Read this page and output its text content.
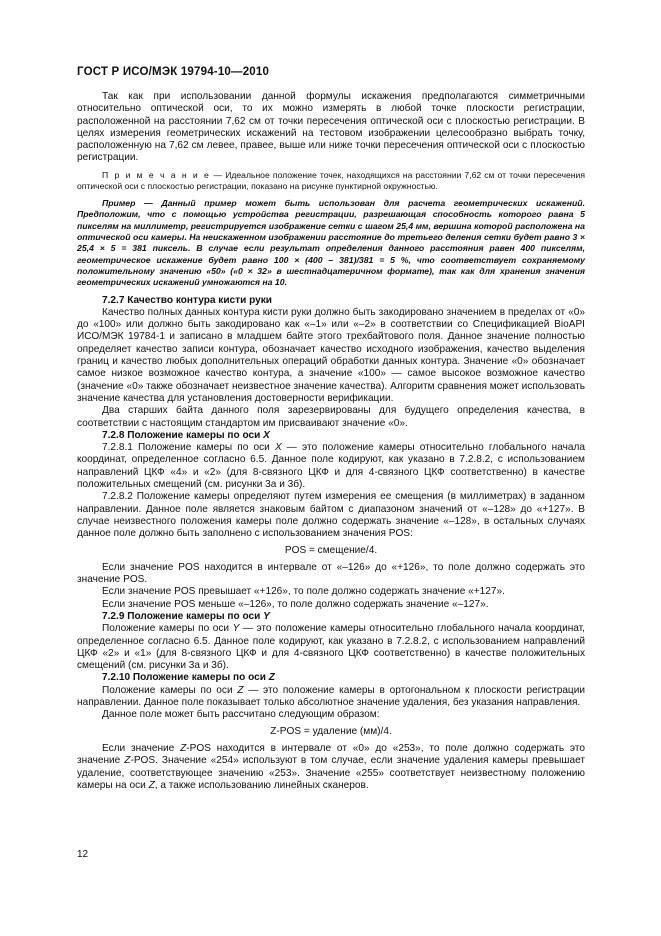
ГОСТ Р ИСО/МЭК 19794-10—2010

Так как при использовании данной формулы искажения предполагаются симметричными относительно оптической оси, то их можно измерять в любой точке плоскости регистрации, расположенной на расстоянии 7,62 см от точки пересечения оптической оси с плоскостью регистрации. В целях измерения геометрических искажений на тестовом изображении целесообразно выбрать точку, расположенную на 7,62 см левее, правее, выше или ниже точки пересечения оптической оси с плоскостью регистрации.

П р и м е ч а н и е — Идеальное положение точек, находящихся на расстоянии 7,62 см от точки пересечения оптической оси с плоскостью регистрации, показано на рисунке пунктирной окружностью.

Пример — Данный пример может быть использован для расчета геометрических искажений. Предположим, что с помощью устройства регистрации, разрешающая способность которого равна 5 пикселям на миллиметр, регистрируется изображение сетки с шагом 25,4 мм, вершина которой расположена на оптической оси камеры. На неискаженном изображении расстояние до третьего деления сетки будет равно 3 × 25,4 × 5 = 381 пиксель. В случае если результат определения данного расстояния равен 400 пикселям, геометрическое искажение будет равно 100 × (400 – 381)/381 = 5 %, что соответствует сохраняемому положительному значению «50» («0 × 32» в шестнадцатеричном формате), так как для хранения значения геометрических искажений умножаются на 10.

7.2.7 Качество контура кисти руки

Качество полных данных контура кисти руки должно быть закодировано значением в пределах от «0» до «100» или должно быть закодировано как «–1» или «–2» в соответствии со Спецификацией BioAPI ИСО/МЭК 19784-1 и записано в младшем байте этого трехбайтового поля. Данное значение полностью определяет качество записи контура, обозначает качество исходного изображения, качество выделения границ и качество любых дополнительных операций обработки данных контура. Значение «0» обозначает самое низкое возможное качество контура, а значение «100» — самое высокое возможное качество (значение «0» также обозначает неизвестное значение качества). Алгоритм сравнения может использовать значение качества для установления достоверности верификации.

Два старших байта данного поля зарезервированы для будущего определения качества, в соответствии с настоящим стандартом им присваивают значение «0».

7.2.8 Положение камеры по оси X

7.2.8.1 Положение камеры по оси X — это положение камеры относительно глобального начала координат, определенное согласно 6.5. Данное поле кодируют, как указано в 7.2.8.2, с использованием направлений ЦКФ «4» и «2» (для 8-связного ЦКФ и для 4-связного ЦКФ соответственно) в качестве положительных смещений (см. рисунки 3а и 3б).

7.2.8.2 Положение камеры определяют путем измерения ее смещения (в миллиметрах) в заданном направлении. Данное поле является знаковым байтом с диапазоном значений от «–128» до «+127». В случае неизвестного положения камеры поле должно содержать значение «–128», в остальных случаях данное поле должно быть заполнено с использованием значения POS:

POS = смещение/4.

Если значение POS находится в интервале от «–126» до «+126», то поле должно содержать это значение POS.

Если значение POS превышает «+126», то поле должно содержать значение «+127».

Если значение POS меньше «–126», то поле должно содержать значение «–127».

7.2.9 Положение камеры по оси Y

Положение камеры по оси Y — это положение камеры относительно глобального начала координат, определенное согласно 6.5. Данное поле кодируют, как указано в 7.2.8.2, с использованием направлений ЦКФ «2» и «1» (для 8-связного ЦКФ и для 4-связного ЦКФ соответственно) в качестве положительных смещений (см. рисунки 3а и 3б).

7.2.10 Положение камеры по оси Z

Положение камеры по оси Z — это положение камеры в ортогональном к плоскости регистрации направлении. Данное поле показывает только абсолютное значение удаления, без указания направления.

Данное поле может быть рассчитано следующим образом:

Z-POS = удаление (мм)/4.

Если значение Z-POS находится в интервале от «0» до «253», то поле должно содержать это значение Z-POS. Значение «254» используют в том случае, если значение удаления камеры превышает удаление, соответствующее значению «253». Значение «255» соответствует неизвестному положению камеры на оси Z, а также использованию линейных сканеров.

12
